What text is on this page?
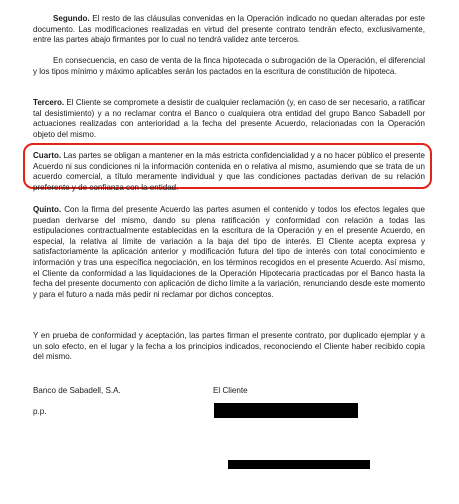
Segundo. El resto de las cláusulas convenidas en la Operación indicado no quedan alteradas por este documento. Las modificaciones realizadas en virtud del presente contrato tendrán efecto, exclusivamente, entre las partes abajo firmantes por lo cual no tendrá validez ante terceros.

En consecuencia, en caso de venta de la finca hipotecada o subrogación de la Operación, el diferencial y los tipos mínimo y máximo aplicables serán los pactados en la escritura de constitución de hipoteca.

Tercero. El Cliente se compromete a desistir de cualquier reclamación (y, en caso de ser necesario, a ratificar tal desistimiento) y a no reclamar contra el Banco o cualquiera otra entidad del grupo Banco Sabadell por actuaciones realizadas con anterioridad a la fecha del presente Acuerdo, relacionadas con la Operación objeto del mismo.

Cuarto. Las partes se obligan a mantener en la más estricta confidencialidad y a no hacer público el presente Acuerdo ni sus condiciones ni la información contenida en o relativa al mismo, asumiendo que se trata de un acuerdo comercial, a título meramente individual y que las condiciones pactadas derivan de su relación preferente y de confianza con la entidad.

Quinto. Con la firma del presente Acuerdo las partes asumen el contenido y todos los efectos legales que puedan derivarse del mismo, dando su plena ratificación y conformidad con relación a todas las estipulaciones contractualmente establecidas en la escritura de la Operación y en el presente Acuerdo, en especial, la relativa al límite de variación a la baja del tipo de interés. El Cliente acepta expresa y satisfactoriamente la aplicación anterior y modificación futura del tipo de interés con total conocimiento e información y tras una específica negociación, en los términos recogidos en el presente Acuerdo. Así mismo, el Cliente da conformidad a las liquidaciones de la Operación Hipotecaria practicadas por el Banco hasta la fecha del presente documento con aplicación de dicho límite a la variación, renunciando desde este momento y para el futuro a nada más pedir ni reclamar por dichos conceptos.

Y en prueba de conformidad y aceptación, las partes firman el presente contrato, por duplicado ejemplar y a un solo efecto, en el lugar y la fecha a los principios indicados, reconociendo el Cliente haber recibido copia del mismo.

Banco de Sabadell, S.A.
p.p.
El Cliente
